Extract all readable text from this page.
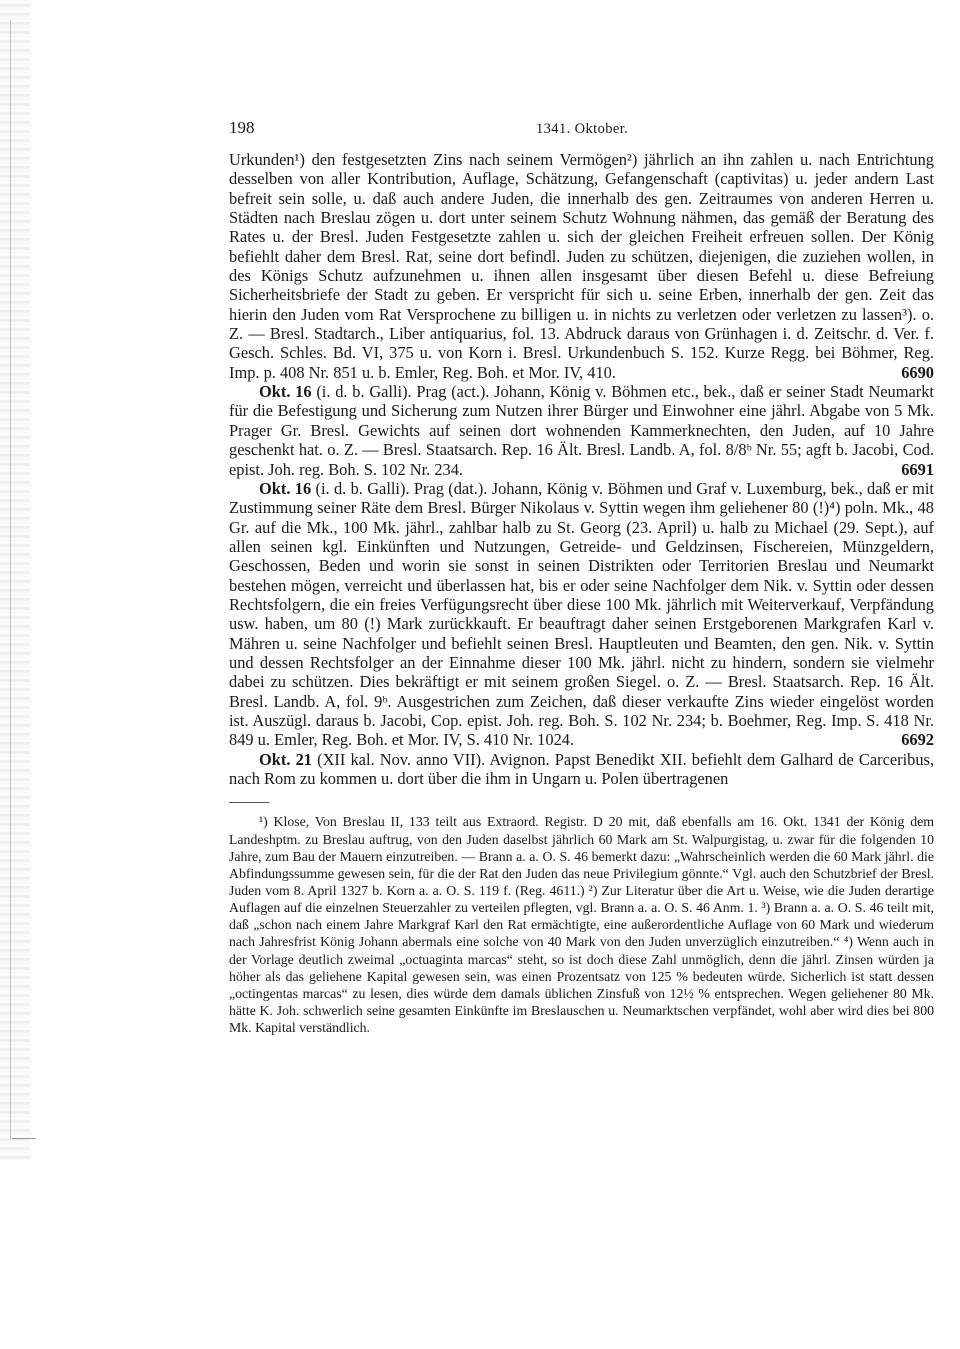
198	1341. Oktober.

Urkunden¹) den festgesetzten Zins nach seinem Vermögen²) jährlich an ihn zahlen u. nach Entrichtung desselben von aller Kontribution, Auflage, Schätzung, Gefangenschaft (captivitas) u. jeder andern Last befreit sein solle, u. daß auch andere Juden, die innerhalb des gen. Zeitraumes von anderen Herren u. Städten nach Breslau zögen u. dort unter seinem Schutz Wohnung nähmen, das gemäß der Beratung des Rates u. der Bresl. Juden Festgesetzte zahlen u. sich der gleichen Freiheit erfreuen sollen. Der König befiehlt daher dem Bresl. Rat, seine dort befindl. Juden zu schützen, diejenigen, die zuziehen wollen, in des Königs Schutz aufzunehmen u. ihnen allen insgesamt über diesen Befehl u. diese Befreiung Sicherheitsbriefe der Stadt zu geben. Er verspricht für sich u. seine Erben, innerhalb der gen. Zeit das hierin den Juden vom Rat Versprochene zu billigen u. in nichts zu verletzen oder verletzen zu lassen³). o. Z. — Bresl. Stadtarch., Liber antiquarius, fol. 13. Abdruck daraus von Grünhagen i. d. Zeitschr. d. Ver. f. Gesch. Schles. Bd. VI, 375 u. von Korn i. Bresl. Urkundenbuch S. 152. Kurze Regg. bei Böhmer, Reg. Imp. p. 408 Nr. 851 u. b. Emler, Reg. Boh. et Mor. IV, 410.	6690

Okt. 16 (i. d. b. Galli). Prag (act.). Johann, König v. Böhmen etc., bek., daß er seiner Stadt Neumarkt für die Befestigung und Sicherung zum Nutzen ihrer Bürger und Einwohner eine jährl. Abgabe von 5 Mk. Prager Gr. Bresl. Gewichts auf seinen dort wohnenden Kammerknechten, den Juden, auf 10 Jahre geschenkt hat. o. Z. — Bresl. Staatsarch. Rep. 16 Ält. Bresl. Landb. A, fol. 8/8ᵇ Nr. 55; agft b. Jacobi, Cod. epist. Joh. reg. Boh. S. 102 Nr. 234.	6691

Okt. 16 (i. d. b. Galli). Prag (dat.). Johann, König v. Böhmen und Graf v. Luxemburg, bek., daß er mit Zustimmung seiner Räte dem Bresl. Bürger Nikolaus v. Syttin wegen ihm geliehener 80 (!)⁴) poln. Mk., 48 Gr. auf die Mk., 100 Mk. jährl., zahlbar halb zu St. Georg (23. April) u. halb zu Michael (29. Sept.), auf allen seinen kgl. Einkünften und Nutzungen, Getreide- und Geldzinsen, Fischereien, Münzgeldern, Geschossen, Beden und worin sie sonst in seinen Distrikten oder Territorien Breslau und Neumarkt bestehen mögen, verreicht und überlassen hat, bis er oder seine Nachfolger dem Nik. v. Syttin oder dessen Rechtsfolgern, die ein freies Verfügungsrecht über diese 100 Mk. jährlich mit Weiterverkauf, Verpfändung usw. haben, um 80 (!) Mark zurückkauft. Er beauftragt daher seinen Erstgeborenen Markgrafen Karl v. Mähren u. seine Nachfolger und befiehlt seinen Bresl. Hauptleuten und Beamten, den gen. Nik. v. Syttin und dessen Rechtsfolger an der Einnahme dieser 100 Mk. jährl. nicht zu hindern, sondern sie vielmehr dabei zu schützen. Dies bekräftigt er mit seinem großen Siegel. o. Z. — Bresl. Staatsarch. Rep. 16 Ält. Bresl. Landb. A, fol. 9ᵇ. Ausgestrichen zum Zeichen, daß dieser verkaufte Zins wieder eingelöst worden ist. Auszügl. daraus b. Jacobi, Cop. epist. Joh. reg. Boh. S. 102 Nr. 234; b. Boehmer, Reg. Imp. S. 418 Nr. 849 u. Emler, Reg. Boh. et Mor. IV, S. 410 Nr. 1024.	6692

Okt. 21 (XII kal. Nov. anno VII). Avignon. Papst Benedikt XII. befiehlt dem Galhard de Carceribus, nach Rom zu kommen u. dort über die ihm in Ungarn u. Polen übertragenen

¹) Klose, Von Breslau II, 133 teilt aus Extraord. Registr. D 20 mit, daß ebenfalls am 16. Okt. 1341 der König dem Landeshptm. zu Breslau auftrug, von den Juden daselbst jährlich 60 Mark am St. Walpurgistag, u. zwar für die folgenden 10 Jahre, zum Bau der Mauern einzutreiben. — Brann a. a. O. S. 46 bemerkt dazu: „Wahrscheinlich werden die 60 Mark jährl. die Abfindungssumme gewesen sein, für die der Rat den Juden das neue Privilegium gönnte.“ Vgl. auch den Schutzbrief der Bresl. Juden vom 8. April 1327 b. Korn a. a. O. S. 119 f. (Reg. 4611.) ²) Zur Literatur über die Art u. Weise, wie die Juden derartige Auflagen auf die einzelnen Steuerzahler zu verteilen pflegten, vgl. Brann a. a. O. S. 46 Anm. 1. ³) Brann a. a. O. S. 46 teilt mit, daß „schon nach einem Jahre Markgraf Karl den Rat ermächtigte, eine außerordentliche Auflage von 60 Mark und wiederum nach Jahresfrist König Johann abermals eine solche von 40 Mark von den Juden unverzüglich einzutreiben.“ ⁴) Wenn auch in der Vorlage deutlich zweimal „octuaginta marcas“ steht, so ist doch diese Zahl unmöglich, denn die jährl. Zinsen würden ja höher als das geliehene Kapital gewesen sein, was einen Prozentsatz von 125 % bedeuten würde. Sicherlich ist statt dessen „octingentas marcas“ zu lesen, dies würde dem damals üblichen Zinsfuß von 12½ % entsprechen. Wegen geliehener 80 Mk. hätte K. Joh. schwerlich seine gesamten Einkünfte im Breslauschen u. Neumarktschen verpfändet, wohl aber wird dies bei 800 Mk. Kapital verständlich.
